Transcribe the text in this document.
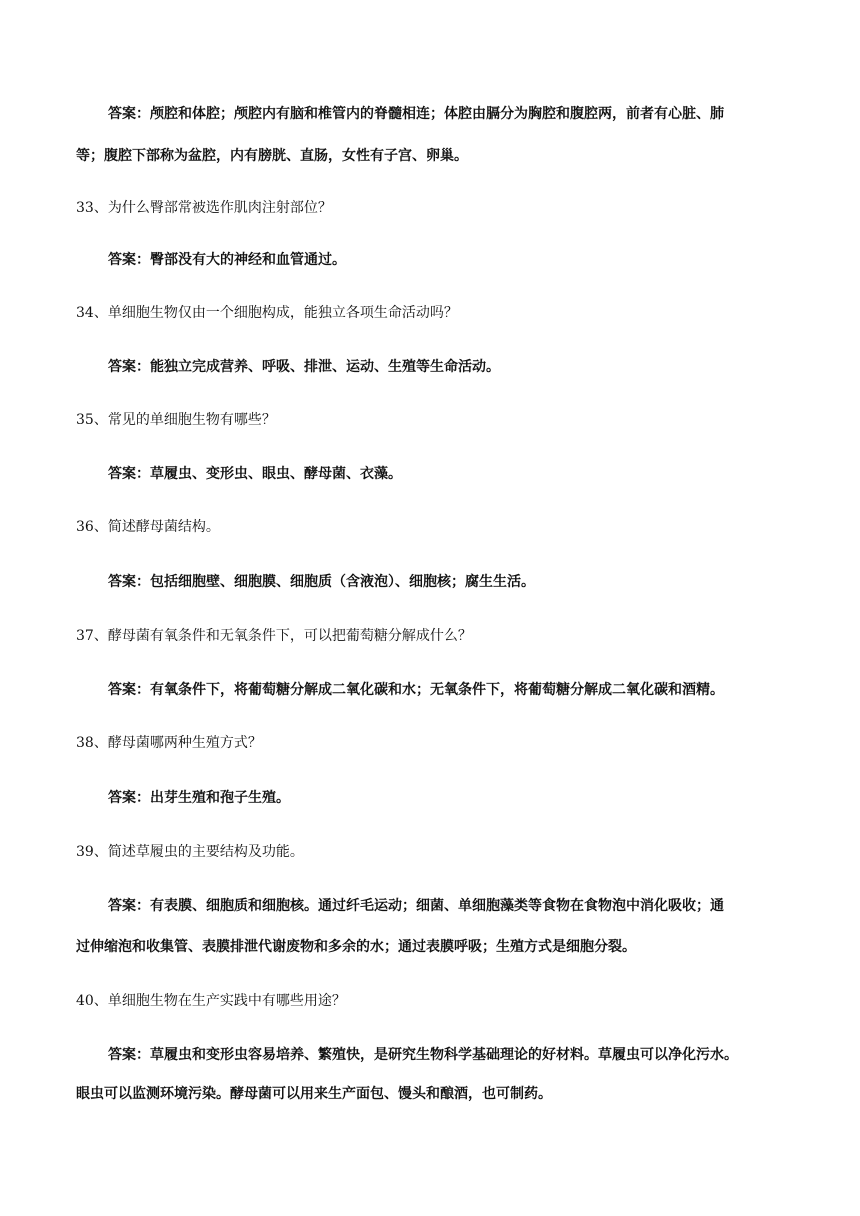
答案：颅腔和体腔；颅腔内有脑和椎管内的脊髓相连；体腔由膈分为胸腔和腹腔两，前者有心脏、肺
等；腹腔下部称为盆腔，内有膀胱、直肠，女性有子宫、卵巢。
33、为什么臀部常被选作肌肉注射部位？
答案：臀部没有大的神经和血管通过。
34、单细胞生物仅由一个细胞构成，能独立各项生命活动吗？
答案：能独立完成营养、呼吸、排泄、运动、生殖等生命活动。
35、常见的单细胞生物有哪些？
答案：草履虫、变形虫、眼虫、酵母菌、衣藻。
36、简述酵母菌结构。
答案：包括细胞壁、细胞膜、细胞质（含液泡）、细胞核；腐生生活。
37、酵母菌有氧条件和无氧条件下，可以把葡萄糖分解成什么？
答案：有氧条件下，将葡萄糖分解成二氧化碳和水；无氧条件下，将葡萄糖分解成二氧化碳和酒精。
38、酵母菌哪两种生殖方式？
答案：出芽生殖和孢子生殖。
39、简述草履虫的主要结构及功能。
答案：有表膜、细胞质和细胞核。通过纤毛运动；细菌、单细胞藻类等食物在食物泡中消化吸收；通
过伸缩泡和收集管、表膜排泄代谢废物和多余的水；通过表膜呼吸；生殖方式是细胞分裂。
40、单细胞生物在生产实践中有哪些用途？
答案：草履虫和变形虫容易培养、繁殖快，是研究生物科学基础理论的好材料。草履虫可以净化污水。
眼虫可以监测环境污染。酵母菌可以用来生产面包、馒头和酿酒，也可制药。
